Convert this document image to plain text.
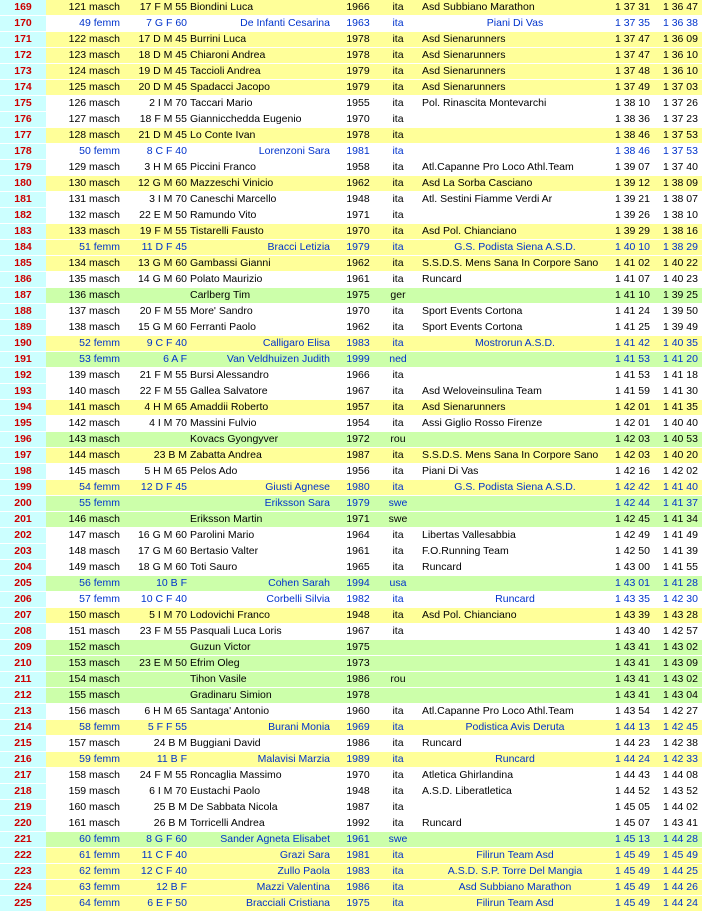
169	121 masch	17 F M 55 Biondini Luca	1966	ita	Asd Subbiano Marathon	1 37 31	1 36 47
170	49 femm	7 G F 60	De Infanti Cesarina	1963	ita	Piani Di Vas	1 37 35	1 36 38
171	122 masch	17 D M 45 Burrini Luca	1978	ita	Asd Sienarunners	1 37 47	1 36 09
172	123 masch	18 D M 45 Chiaroni Andrea	1978	ita	Asd Sienarunners	1 37 47	1 36 10
173	124 masch	19 D M 45 Taccioli Andrea	1979	ita	Asd Sienarunners	1 37 48	1 36 10
174	125 masch	20 D M 45 Spadacci Jacopo	1979	ita	Asd Sienarunners	1 37 49	1 37 03
175	126 masch	2 I M 70 Taccari Mario	1955	ita	Pol. Rinascita Montevarchi	1 38 10	1 37 26
176	127 masch	18 F M 55 Giannicchedda Eugenio	1970	ita	1 38 36	1 37 23
177	128 masch	21 D M 45 Lo Conte Ivan	1978	ita	1 38 46	1 37 53
178	50 femm	8 C F 40	Lorenzoni Sara	1981	ita	1 38 46	1 37 53
179	129 masch	3 H M 65 Piccini Franco	1958	ita	Atl.Capanne Pro Loco Athl.Team	1 39 07	1 37 40
180	130 masch	12 G M 60 Mazzeschi Vinicio	1962	ita	Asd La Sorba Casciano	1 39 12	1 38 09
181	131 masch	3 I M 70 Caneschi Marcello	1948	ita	Atl. Sestini Fiamme Verdi Ar	1 39 21	1 38 07
182	132 masch	22 E M 50 Ramundo Vito	1971	ita	1 39 26	1 38 10
183	133 masch	19 F M 55 Tistarelli Fausto	1970	ita	Asd Pol. Chianciano	1 39 29	1 38 16
184	51 femm	11 D F 45	Bracci Letizia	1979	ita	G.S. Podista Siena A.S.D.	1 40 10	1 38 29
185	134 masch	13 G M 60 Gambassi Gianni	1962	ita	S.S.D.S. Mens Sana In Corpore Sano	1 41 02	1 40 22
186	135 masch	14 G M 60 Polato Maurizio	1961	ita	Runcard	1 41 07	1 40 23
187	136 masch	Carlberg Tim	1975	ger	1 41 10	1 39 25
188	137 masch	20 F M 55 More' Sandro	1970	ita	Sport Events Cortona	1 41 24	1 39 50
189	138 masch	15 G M 60 Ferranti Paolo	1962	ita	Sport Events Cortona	1 41 25	1 39 49
190	52 femm	9 C F 40	Calligaro Elisa	1983	ita	Mostrorun A.S.D.	1 41 42	1 40 35
191	53 femm	6 A F	Van Veldhuizen Judith	1999	ned	1 41 53	1 41 20
192	139 masch	21 F M 55 Bursi Alessandro	1966	ita	1 41 53	1 41 18
193	140 masch	22 F M 55 Gallea Salvatore	1967	ita	Asd Weloveinsulina Team	1 41 59	1 41 30
194	141 masch	4 H M 65 Amaddii Roberto	1957	ita	Asd Sienarunners	1 42 01	1 41 35
195	142 masch	4 I M 70 Massini Fulvio	1954	ita	Assi Giglio Rosso Firenze	1 42 01	1 40 40
196	143 masch	Kovacs Gyongyver	1972	rou	1 42 03	1 40 53
197	144 masch	23 B M Zabatta Andrea	1987	ita	S.S.D.S. Mens Sana In Corpore Sano	1 42 03	1 40 20
198	145 masch	5 H M 65 Pelos Ado	1956	ita	Piani Di Vas	1 42 16	1 42 02
199	54 femm	12 D F 45	Giusti Agnese	1980	ita	G.S. Podista Siena A.S.D.	1 42 42	1 41 40
200	55 femm	Eriksson Sara	1979	swe	1 42 44	1 41 37
201	146 masch	Eriksson Martin	1971	swe	1 42 45	1 41 34
202	147 masch	16 G M 60 Parolini Mario	1964	ita	Libertas Vallesabbia	1 42 49	1 41 49
203	148 masch	17 G M 60 Bertasio Valter	1961	ita	F.O.Running Team	1 42 50	1 41 39
204	149 masch	18 G M 60 Toti Sauro	1965	ita	Runcard	1 43 00	1 41 55
205	56 femm	10 B F	Cohen Sarah	1994	usa	1 43 01	1 41 28
206	57 femm	10 C F 40	Corbelli Silvia	1982	ita	Runcard	1 43 35	1 42 30
207	150 masch	5 I M 70 Lodovichi Franco	1948	ita	Asd Pol. Chianciano	1 43 39	1 43 28
208	151 masch	23 F M 55 Pasquali Luca Loris	1967	ita	1 43 40	1 42 57
209	152 masch	Guzun Victor	1975	1 43 41	1 43 02
210	153 masch	23 E M 50 Efrim Oleg	1973	1 43 41	1 43 09
211	154 masch	Tihon Vasile	1986	rou	1 43 41	1 43 02
212	155 masch	Gradinaru Simion	1978	1 43 41	1 43 04
213	156 masch	6 H M 65 Santaga' Antonio	1960	ita	Atl.Capanne Pro Loco Athl.Team	1 43 54	1 42 27
214	58 femm	5 F F 55	Burani Monia	1969	ita	Podistica Avis Deruta	1 44 13	1 42 45
215	157 masch	24 B M Buggiani David	1986	ita	Runcard	1 44 23	1 42 38
216	59 femm	11 B F	Malavisi Marzia	1989	ita	Runcard	1 44 24	1 42 33
217	158 masch	24 F M 55 Roncaglia Massimo	1970	ita	Atletica Ghirlandina	1 44 43	1 44 08
218	159 masch	6 I M 70 Eustachi Paolo	1948	ita	A.S.D. Liberatletica	1 44 52	1 43 52
219	160 masch	25 B M De Sabbata Nicola	1987	ita	1 45 05	1 44 02
220	161 masch	26 B M Torricelli Andrea	1992	ita	Runcard	1 45 07	1 43 41
221	60 femm	8 G F 60	Sander Agneta Elisabet	1961	swe	1 45 13	1 44 28
222	61 femm	11 C F 40	Grazi Sara	1981	ita	Filirun Team Asd	1 45 49	1 45 49
223	62 femm	12 C F 40	Zullo Paola	1983	ita	A.S.D. S.P. Torre Del Mangia	1 45 49	1 44 25
224	63 femm	12 B F	Mazzi Valentina	1986	ita	Asd Subbiano Marathon	1 45 49	1 44 26
225	64 femm	6 E F 50	Bracciali Cristiana	1975	ita	Filirun Team Asd	1 45 49	1 44 24
